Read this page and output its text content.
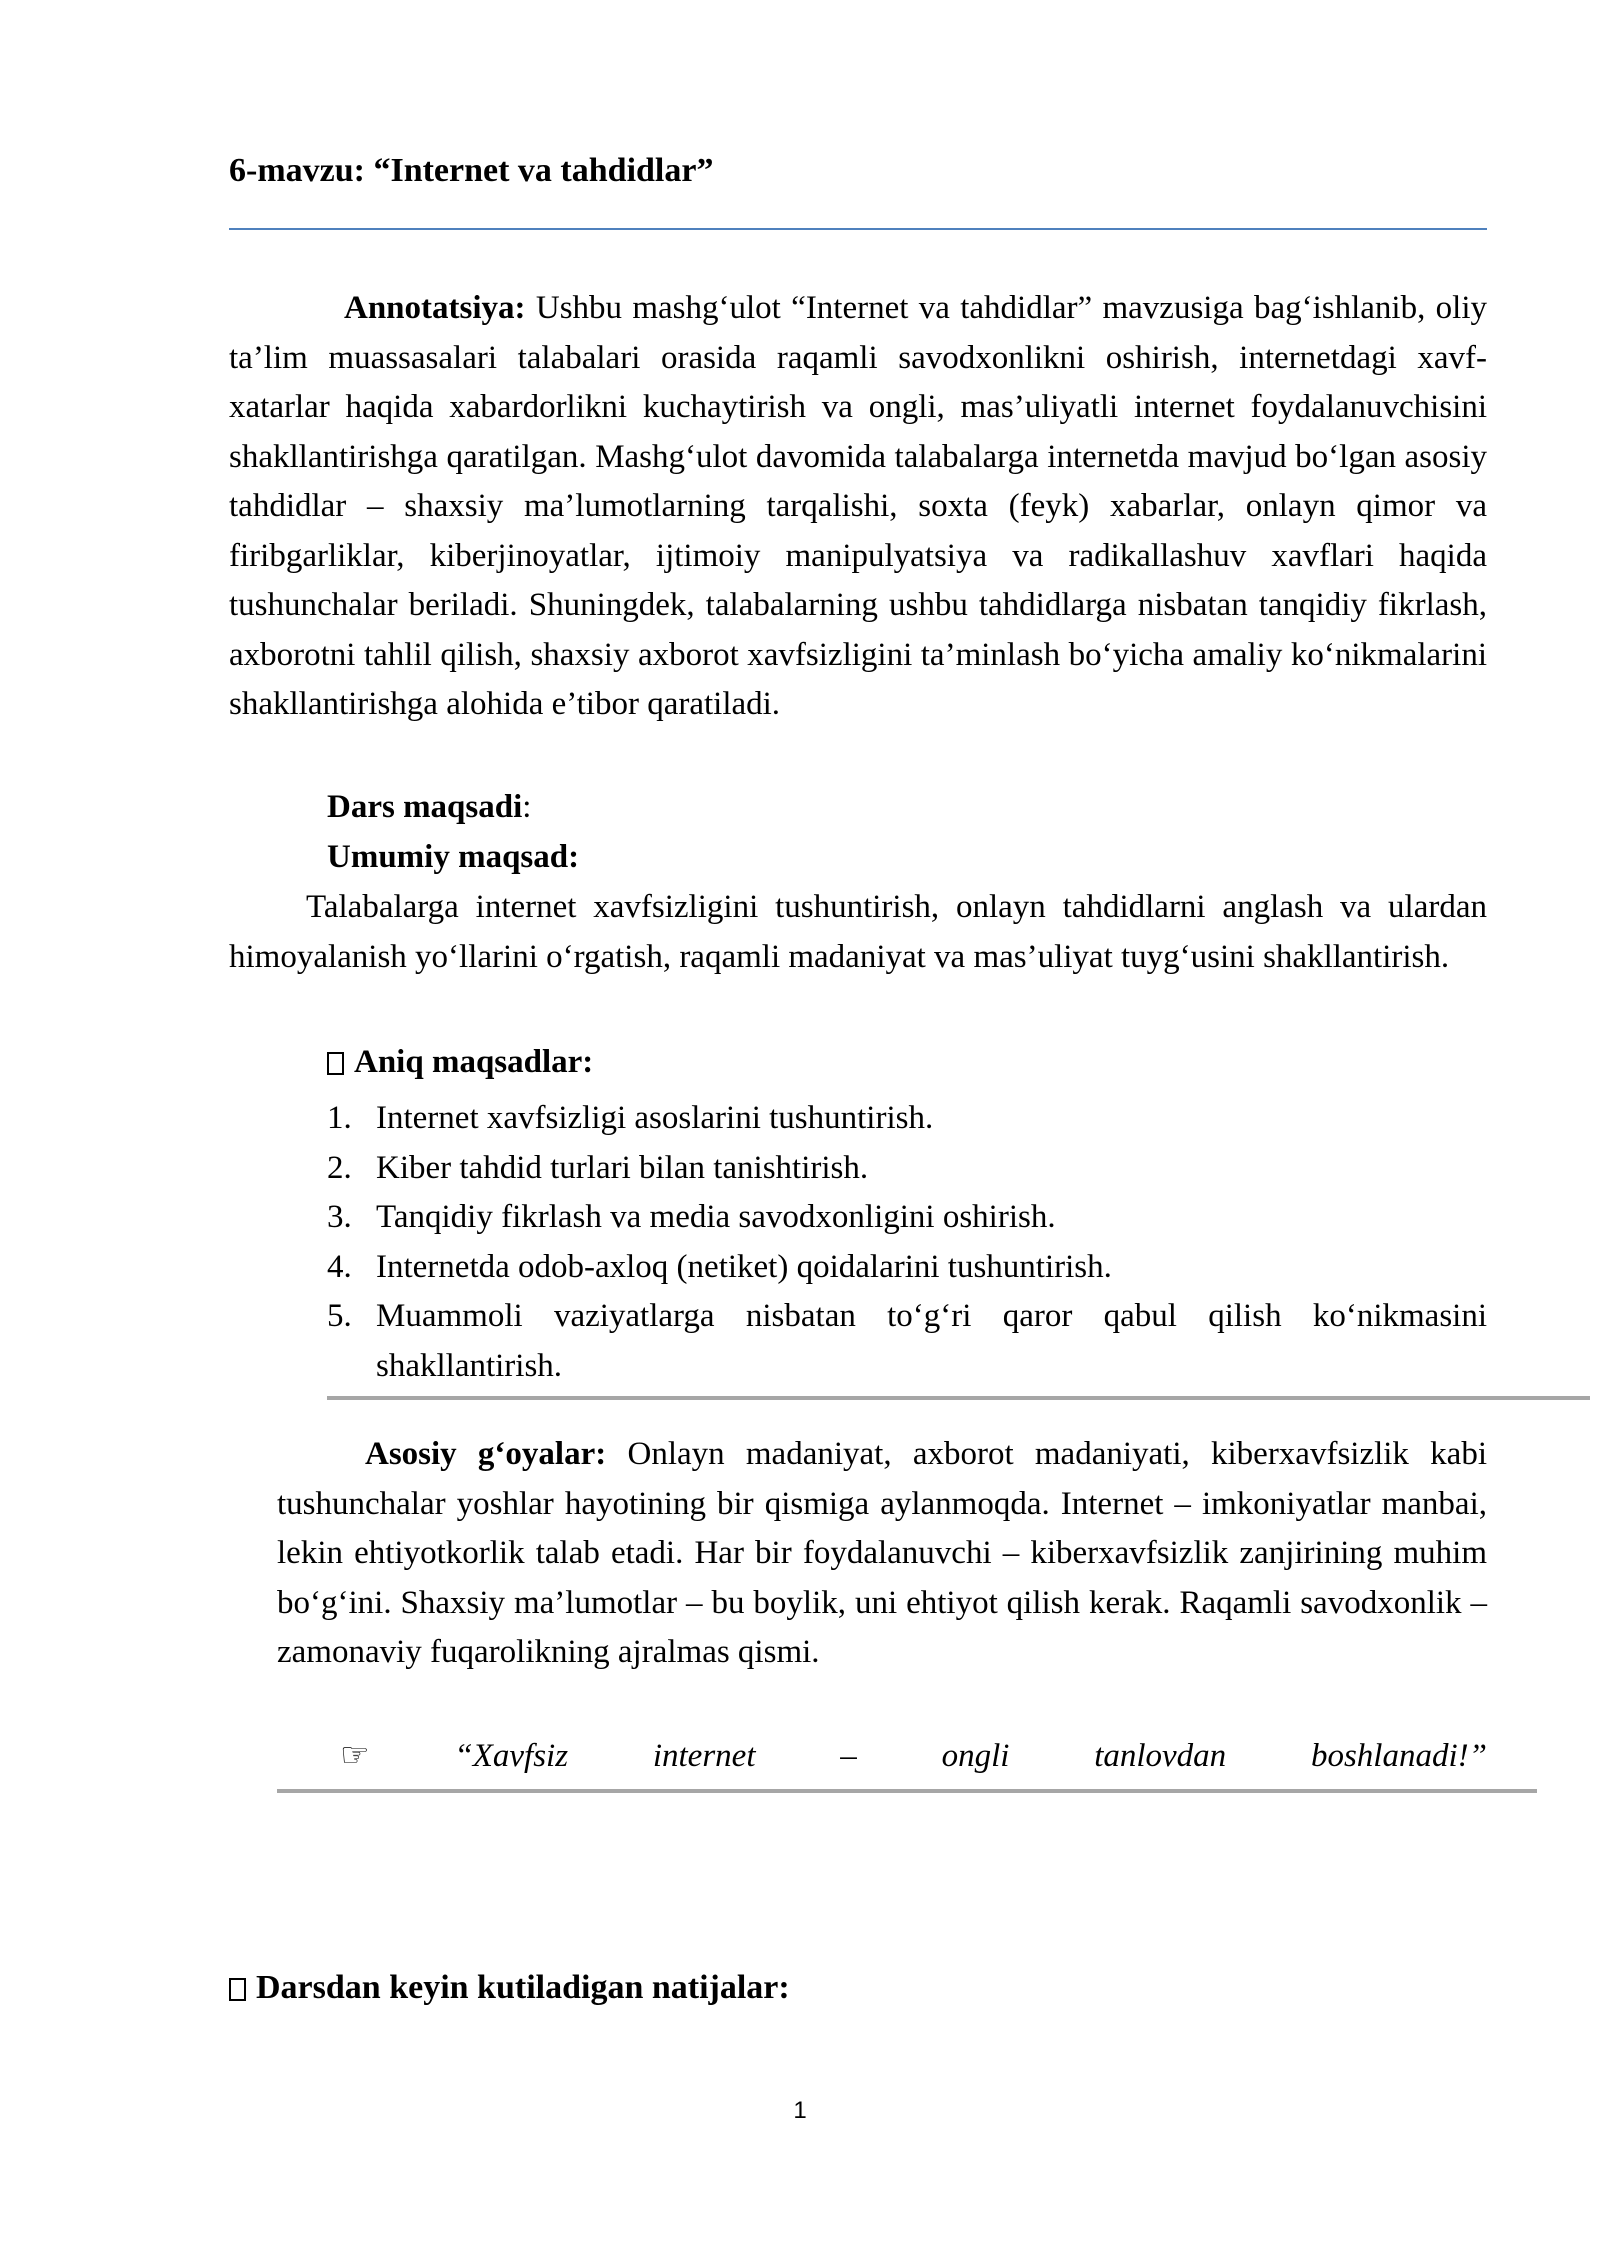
6-mavzu: “Internet va tahdidlar”
Annotatsiya: Ushbu mashg‘ulot “Internet va tahdidlar” mavzusiga bag‘ishlanib, oliy ta’lim muassasalari talabalari orasida raqamli savodxonlikni oshirish, internetdagi xavf-xatarlar haqida xabardorlikni kuchaytirish va ongli, mas’uliyatli internet foydalanuvchisini shakllantirishga qaratilgan. Mashg‘ulot davomida talabalarga internetda mavjud bo‘lgan asosiy tahdidlar – shaxsiy ma’lumotlarning tarqalishi, soxta (feyk) xabarlar, onlayn qimor va firibgarliklar, kiberjinoyatlar, ijtimoiy manipulyatsiya va radikallashuv xavflari haqida tushunchalar beriladi. Shuningdek, talabalarning ushbu tahdidlarga nisbatan tanqidiy fikrlash, axborotni tahlil qilish, shaxsiy axborot xavfsizligini ta’minlash bo‘yicha amaliy ko‘nikmalarini shakllantirishga alohida e’tibor qaratiladi.
Dars maqsadi:
Umumiy maqsad:
Talabalarga internet xavfsizligini tushuntirish, onlayn tahdidlarni anglash va ulardan himoyalanish yo‘llarini o‘rgatish, raqamli madaniyat va mas’uliyat tuyg‘usini shakllantirish.
Aniq maqsadlar:
1. Internet xavfsizligi asoslarini tushuntirish.
2. Kiber tahdid turlari bilan tanishtirish.
3. Tanqidiy fikrlash va media savodxonligini oshirish.
4. Internetda odob-axloq (netiket) qoidalarini tushuntirish.
5. Muammoli vaziyatlarga nisbatan to‘g‘ri qaror qabul qilish ko‘nikmasini shakllantirish.
Asosiy g‘oyalar: Onlayn madaniyat, axborot madaniyati, kiberxavfsizlik kabi tushunchalar yoshlar hayotining bir qismiga aylanmoqda. Internet – imkoniyatlar manbai, lekin ehtiyotkorlik talab etadi. Har bir foydalanuvchi – kiberxavfsizlik zanjirining muhim bo‘g‘ini. Shaxsiy ma’lumotlar – bu boylik, uni ehtiyot qilish kerak. Raqamli savodxonlik – zamonaviy fuqarolikning ajralmas qismi.
☞	“Xavfsiz	internet	–	ongli	tanlovdan	boshlanadi!”
Darsdan keyin kutiladigan natijalar:
1
